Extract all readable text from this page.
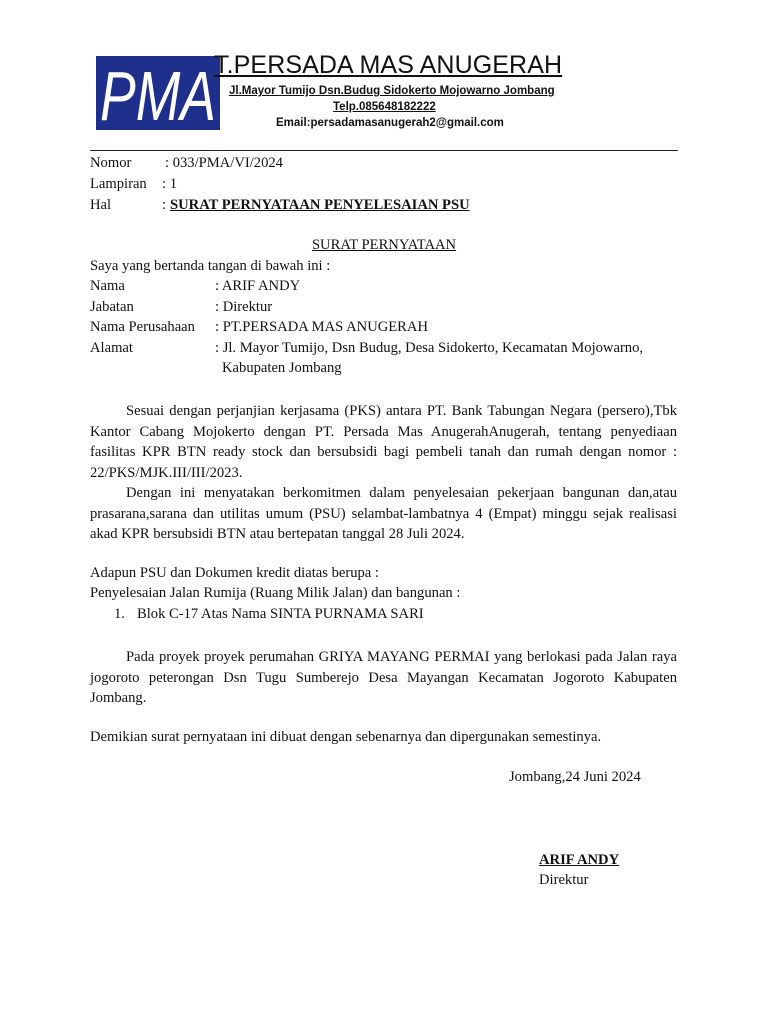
PMA
T.PERSADA MAS ANUGERAH
Jl.Mayor Tumijo Dsn.Budug Sidokerto Mojowarno Jombang
Telp.085648182222
Email:persadamasanugerah2@gmail.com
Nomor : 033/PMA/VI/2024
Lampiran : 1
Hal	: SURAT PERNYATAAN PENYELESAIAN PSU
SURAT PERNYATAAN
Saya yang bertanda tangan di bawah ini :
Nama	: ARIF ANDY
Jabatan	: Direktur
Nama Perusahaan : PT.PERSADA MAS ANUGERAH
Alamat	: Jl. Mayor Tumijo, Dsn Budug, Desa Sidokerto, Kecamatan Mojowarno,
Kabupaten Jombang
Sesuai dengan perjanjian kerjasama (PKS) antara PT. Bank Tabungan Negara (persero),Tbk Kantor Cabang Mojokerto dengan PT. Persada Mas AnugerahAnugerah, tentang penyediaan fasilitas KPR BTN ready stock dan bersubsidi bagi pembeli tanah dan rumah dengan nomor : 22/PKS/MJK.III/III/2023.
Dengan ini menyatakan berkomitmen dalam penyelesaian pekerjaan bangunan dan,atau prasarana,sarana dan utilitas umum (PSU) selambat-lambatnya 4 (Empat) minggu sejak realisasi akad KPR bersubsidi BTN atau bertepatan tanggal 28 Juli 2024.
Adapun PSU dan Dokumen kredit diatas berupa :
Penyelesaian Jalan Rumija (Ruang Milik Jalan) dan bangunan :
1. Blok C-17 Atas Nama SINTA PURNAMA SARI
Pada proyek proyek perumahan GRIYA MAYANG PERMAI yang berlokasi pada Jalan raya jogoroto peterongan Dsn Tugu Sumberejo Desa Mayangan Kecamatan Jogoroto Kabupaten Jombang.
Demikian surat pernyataan ini dibuat dengan sebenarnya dan dipergunakan semestinya.
Jombang,24 Juni 2024
ARIF ANDY
Direktur
